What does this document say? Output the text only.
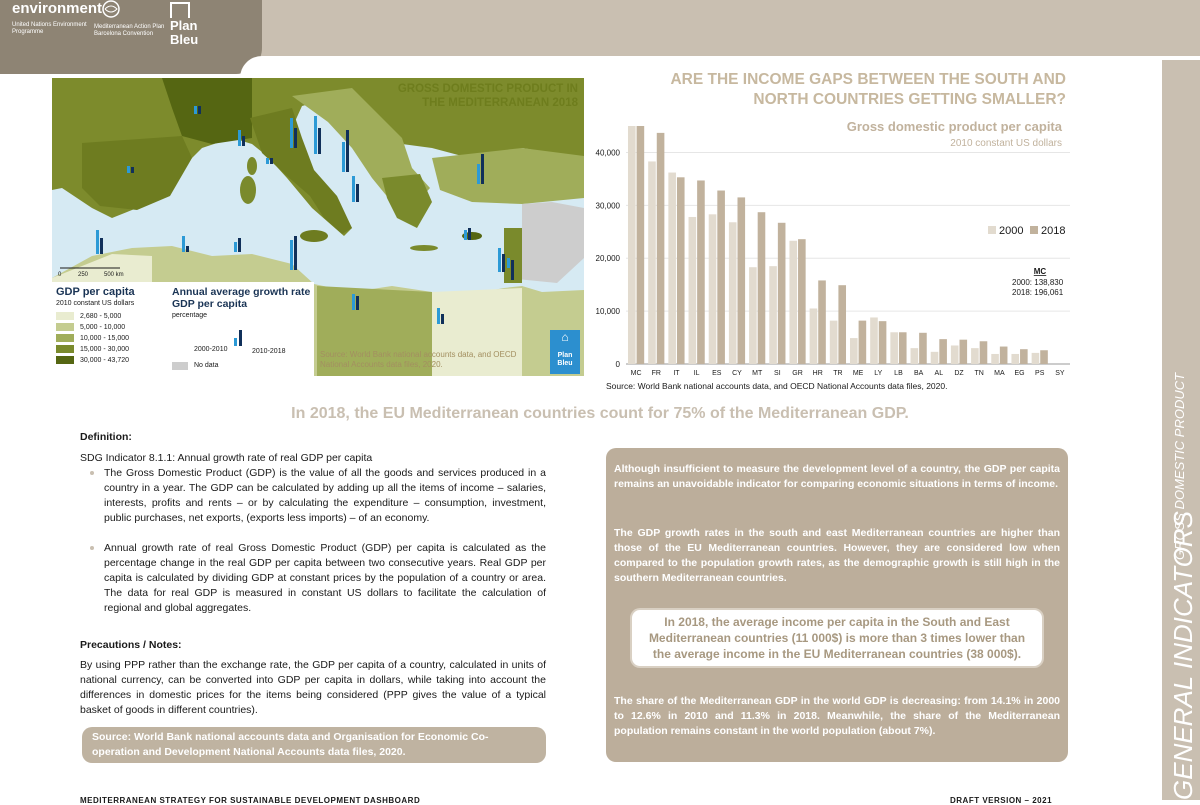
environment
United Nations Environment Programme
Mediterranean Action Plan Barcelona Convention
Plan
Bleu
0	250	500 km
GROSS DOMESTIC PRODUCT IN
THE MEDITERRANEAN 2018
GDP per capita
2010 constant US dollars
2,680 - 5,000
5,000 - 10,000
10,000 - 15,000
15,000 - 30,000
30,000 - 43,720
Annual average growth rate GDP per capita
percentage
2000-2010	2010-2018
No data
Source: World Bank national accounts data, and OECD National Accounts data files, 2020.
⌂
Plan
Bleu
ARE THE INCOME GAPS BETWEEN THE SOUTH AND
NORTH COUNTRIES GETTING SMALLER?
Gross domestic product per capita
2010 constant US dollars
0
10,000
20,000
30,000
40,000
MC FR IT IL ES CY MT SI GR HR TR ME LY LB BA AL DZ TN MA EG PS SY
2000 2018
MC
2000: 138,830
2018: 196,061
Source: World Bank national accounts data, and OECD National Accounts data files, 2020.
In 2018, the EU Mediterranean countries count for 75% of the Mediterranean GDP.
Definition:
SDG Indicator 8.1.1: Annual growth rate of real GDP per capita
The Gross Domestic Product (GDP) is the value of all the goods and services produced in a country in a year. The GDP can be calculated by adding up all the items of income – salaries, interests, profits and rents – or by calculating the expenditure – consumption, investment, public purchases, net exports, (exports less imports) – of an economy.
Annual growth rate of real Gross Domestic Product (GDP) per capita is calculated as the percentage change in the real GDP per capita between two consecutive years. Real GDP per capita is calculated by dividing GDP at constant prices by the population of a country or area. The data for real GDP is measured in constant US dollars to facilitate the calculation of regional and global aggregates.
Precautions / Notes:
By using PPP rather than the exchange rate, the GDP per capita of a country, calculated in units of national currency, can be converted into GDP per capita in dollars, while taking into account the differences in domestic prices for the items being considered (PPP gives the value of a typical basket of goods in different countries).
Source: World Bank national accounts data and Organisation for Economic Co-operation and Development National Accounts data files, 2020.
MEDITERRANEAN STRATEGY FOR SUSTAINABLE DEVELOPMENT DASHBOARD	DRAFT VERSION – 2021
Although insufficient to measure the development level of a country, the GDP per capita remains an unavoidable indicator for comparing economic situations in terms of income.
The GDP growth rates in the south and east Mediterranean countries are higher than those of the EU Mediterranean countries. However, they are considered low when compared to the population growth rates, as the demographic growth is still high in the southern Mediterranean countries.
In 2018, the average income per capita in the South and East Mediterranean countries (11 000$) is more than 3 times lower than the average income in the EU Mediterranean countries (38 000$).
The share of the Mediterranean GDP in the world GDP is decreasing: from 14.1% in 2000 to 12.6% in 2010 and 11.3% in 2018. Meanwhile, the share of the Mediterranean population remains constant in the world population (about 7%).
